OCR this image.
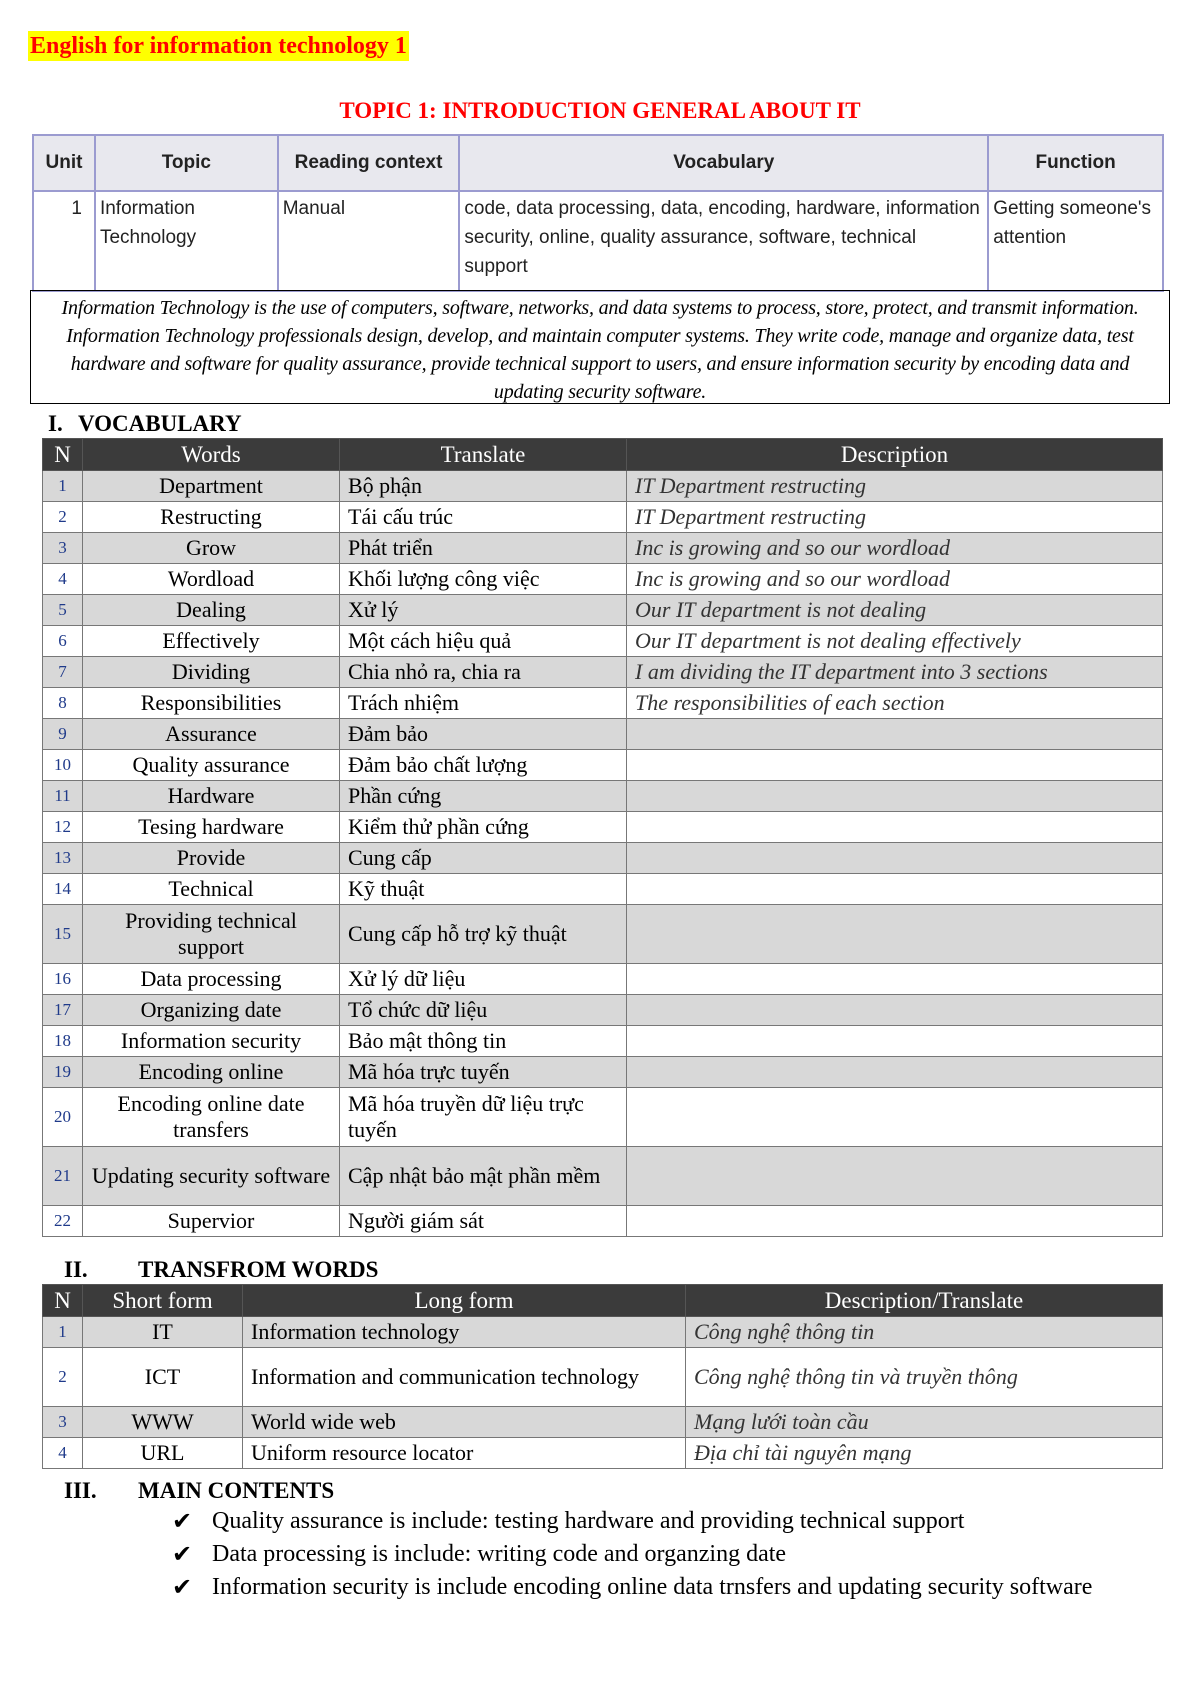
English for information technology 1
TOPIC 1: INTRODUCTION GENERAL ABOUT IT
Unit	Topic	Reading context	Vocabulary	Function
1	Information Technology	Manual	code, data processing, data, encoding, hardware, information security, online, quality assurance, software, technical support	Getting someone's attention
Information Technology is the use of computers, software, networks, and data systems to process, store, protect, and transmit information. Information Technology professionals design, develop, and maintain computer systems. They write code, manage and organize data, test hardware and software for quality assurance, provide technical support to users, and ensure information security by encoding data and updating security software.
I. VOCABULARY
N	Words	Translate	Description
1	Department	Bộ phận	IT Department restructing
2	Restructing	Tái cấu trúc	IT Department restructing
3	Grow	Phát triển	Inc is growing and so our wordload
4	Wordload	Khối lượng công việc	Inc is growing and so our wordload
5	Dealing	Xử lý	Our IT department is not dealing
6	Effectively	Một cách hiệu quả	Our IT department is not dealing effectively
7	Dividing	Chia nhỏ ra, chia ra	I am dividing the IT department into 3 sections
8	Responsibilities	Trách nhiệm	The responsibilities of each section
9	Assurance	Đảm bảo	
10	Quality assurance	Đảm bảo chất lượng	
11	Hardware	Phần cứng	
12	Tesing hardware	Kiểm thử phần cứng	
13	Provide	Cung cấp	
14	Technical	Kỹ thuật	
15	Providing technical support	Cung cấp hỗ trợ kỹ thuật	
16	Data processing	Xử lý dữ liệu	
17	Organizing date	Tổ chức dữ liệu	
18	Information security	Bảo mật thông tin	
19	Encoding online	Mã hóa trực tuyến	
20	Encoding online date transfers	Mã hóa truyền dữ liệu trực tuyến	
21	Updating security software	Cập nhật bảo mật phần mềm	
22	Supervior	Người giám sát	
II. TRANSFROM WORDS
N	Short form	Long form	Description/Translate
1	IT	Information technology	Công nghệ thông tin
2	ICT	Information and communication technology	Công nghệ thông tin và truyền thông
3	WWW	World wide web	Mạng lưới toàn cầu
4	URL	Uniform resource locator	Địa chỉ tài nguyên mạng
III. MAIN CONTENTS
✔ Quality assurance is include: testing hardware and providing technical support
✔ Data processing is include: writing code and organzing date
✔ Information security is include encoding online data trnsfers and updating security software
